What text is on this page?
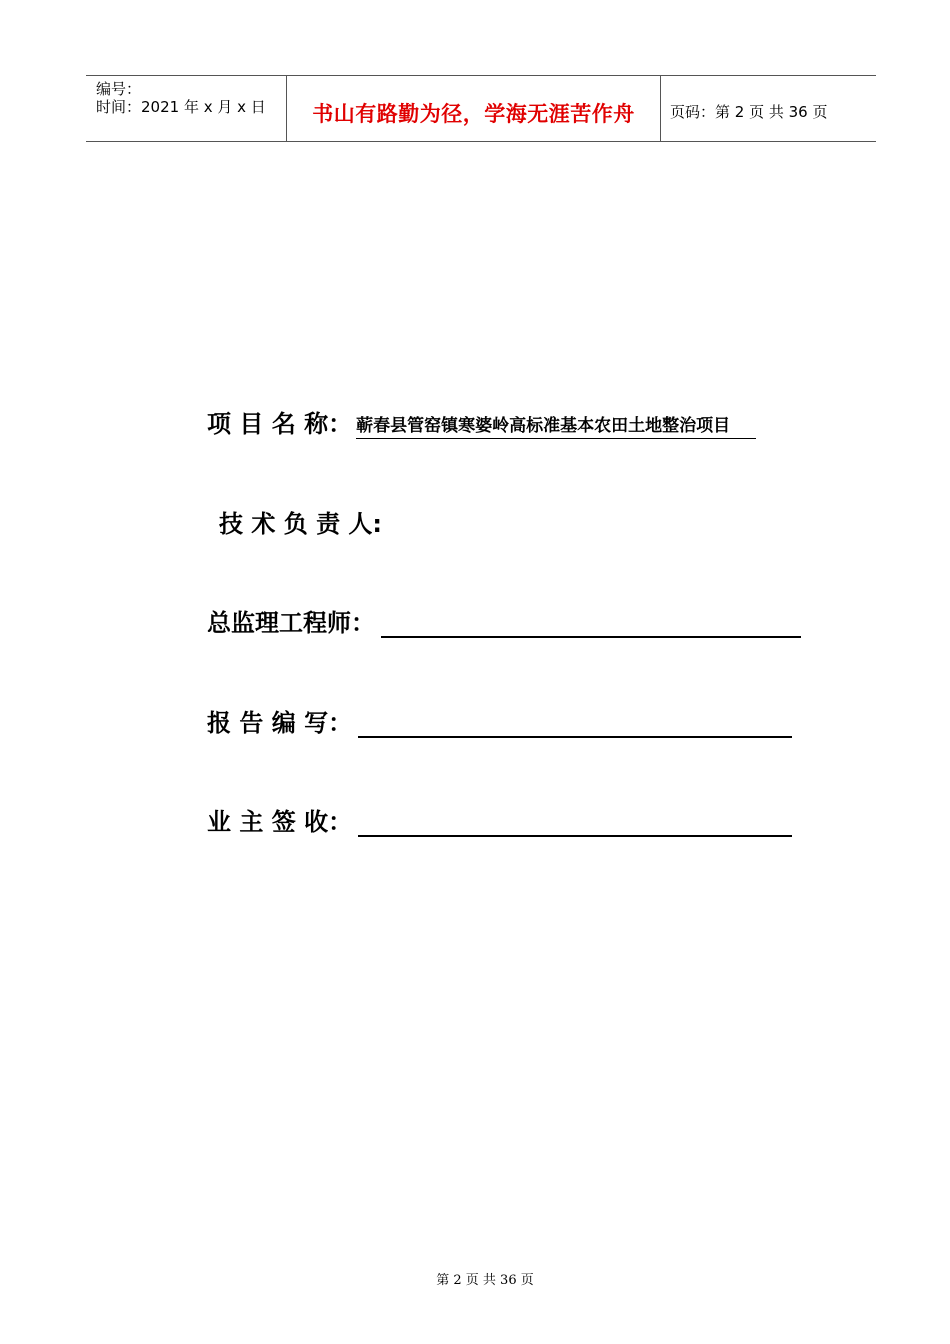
编号：
时间：2021 年 x 月 x 日	书山有路勤为径，学海无涯苦作舟	页码：第 2 页 共 36 页
项 目 名 称： 蕲春县管窑镇寒婆岭高标准基本农田土地整治项目
技 术 负 责 人:
总监理工程师：
报 告 编 写：
业 主 签 收：
第 2 页 共 36 页
